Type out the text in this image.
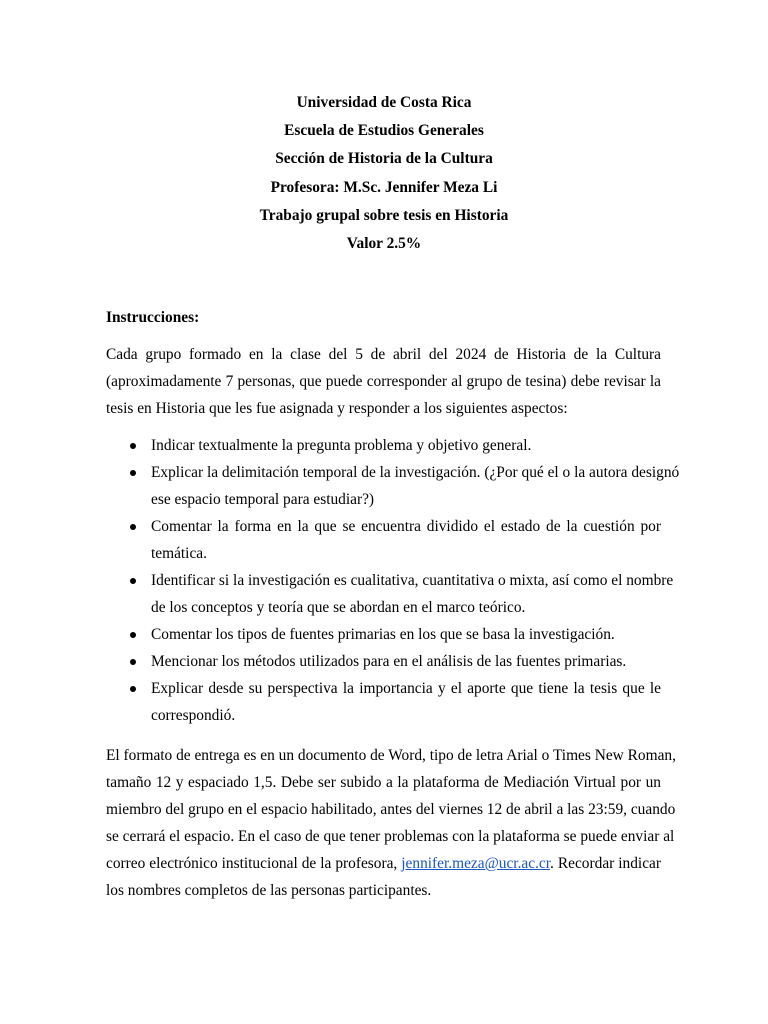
Universidad de Costa Rica
Escuela de Estudios Generales
Sección de Historia de la Cultura
Profesora: M.Sc. Jennifer Meza Li
Trabajo grupal sobre tesis en Historia
Valor 2.5%
Instrucciones:
Cada grupo formado en la clase del 5 de abril del 2024 de Historia de la Cultura
(aproximadamente 7 personas, que puede corresponder al grupo de tesina) debe revisar la
tesis en Historia que les fue asignada y responder a los siguientes aspectos:
Indicar textualmente la pregunta problema y objetivo general.
Explicar la delimitación temporal de la investigación. (¿Por qué el o la autora designó
ese espacio temporal para estudiar?)
Comentar la forma en la que se encuentra dividido el estado de la cuestión por
temática.
Identificar si la investigación es cualitativa, cuantitativa o mixta, así como el nombre
de los conceptos y teoría que se abordan en el marco teórico.
Comentar los tipos de fuentes primarias en los que se basa la investigación.
Mencionar los métodos utilizados para en el análisis de las fuentes primarias.
Explicar desde su perspectiva la importancia y el aporte que tiene la tesis que le
correspondió.
El formato de entrega es en un documento de Word, tipo de letra Arial o Times New Roman,
tamaño 12 y espaciado 1,5. Debe ser subido a la plataforma de Mediación Virtual por un
miembro del grupo en el espacio habilitado, antes del viernes 12 de abril a las 23:59, cuando
se cerrará el espacio. En el caso de que tener problemas con la plataforma se puede enviar al
correo electrónico institucional de la profesora, jennifer.meza@ucr.ac.cr. Recordar indicar
los nombres completos de las personas participantes.
